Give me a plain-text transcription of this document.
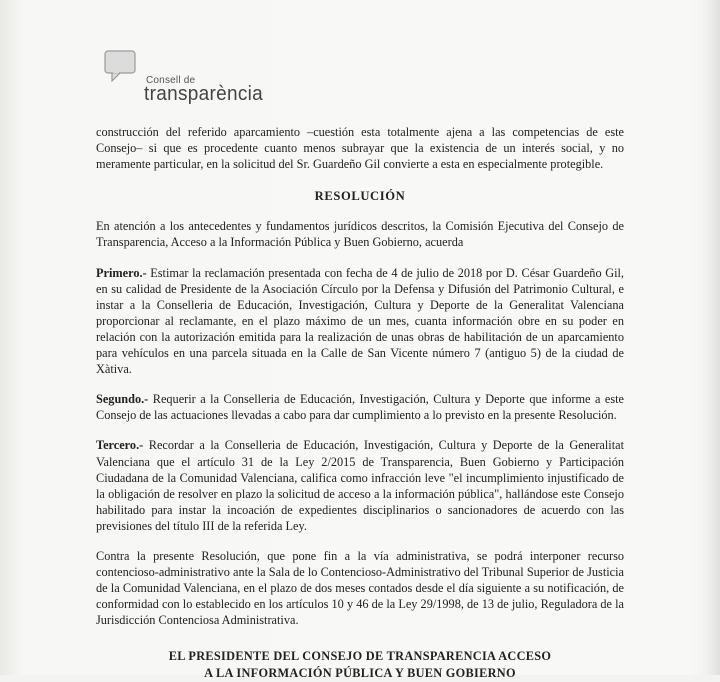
Consell de
transparència

construcción del referido aparcamiento –cuestión esta totalmente ajena a las competencias de este Consejo– si que es procedente cuanto menos subrayar que la existencia de un interés social, y no meramente particular, en la solicitud del Sr. Guardeño Gil convierte a esta en especialmente protegible.

RESOLUCIÓN

En atención a los antecedentes y fundamentos jurídicos descritos, la Comisión Ejecutiva del Consejo de Transparencia, Acceso a la Información Pública y Buen Gobierno, acuerda

Primero.- Estimar la reclamación presentada con fecha de 4 de julio de 2018 por D. César Guardeño Gil, en su calidad de Presidente de la Asociación Círculo por la Defensa y Difusión del Patrimonio Cultural, e instar a la Conselleria de Educación, Investigación, Cultura y Deporte de la Generalitat Valenciana proporcionar al reclamante, en el plazo máximo de un mes, cuanta información obre en su poder en relación con la autorización emitida para la realización de unas obras de habilitación de un aparcamiento para vehículos en una parcela situada en la Calle de San Vicente número 7 (antiguo 5) de la ciudad de Xàtiva.

Segundo.- Requerir a la Conselleria de Educación, Investigación, Cultura y Deporte que informe a este Consejo de las actuaciones llevadas a cabo para dar cumplimiento a lo previsto en la presente Resolución.

Tercero.- Recordar a la Conselleria de Educación, Investigación, Cultura y Deporte de la Generalitat Valenciana que el artículo 31 de la Ley 2/2015 de Transparencia, Buen Gobierno y Participación Ciudadana de la Comunidad Valenciana, califica como infracción leve "el incumplimiento injustificado de la obligación de resolver en plazo la solicitud de acceso a la información pública", hallándose este Consejo habilitado para instar la incoación de expedientes disciplinarios o sancionadores de acuerdo con las previsiones del título III de la referida Ley.

Contra la presente Resolución, que pone fin a la vía administrativa, se podrá interponer recurso contencioso-administrativo ante la Sala de lo Contencioso-Administrativo del Tribunal Superior de Justicia de la Comunidad Valenciana, en el plazo de dos meses contados desde el día siguiente a su notificación, de conformidad con lo establecido en los artículos 10 y 46 de la Ley 29/1998, de 13 de julio, Reguladora de la Jurisdicción Contenciosa Administrativa.

EL PRESIDENTE DEL CONSEJO DE TRANSPARENCIA ACCESO
A LA INFORMACIÓN PÚBLICA Y BUEN GOBIERNO
